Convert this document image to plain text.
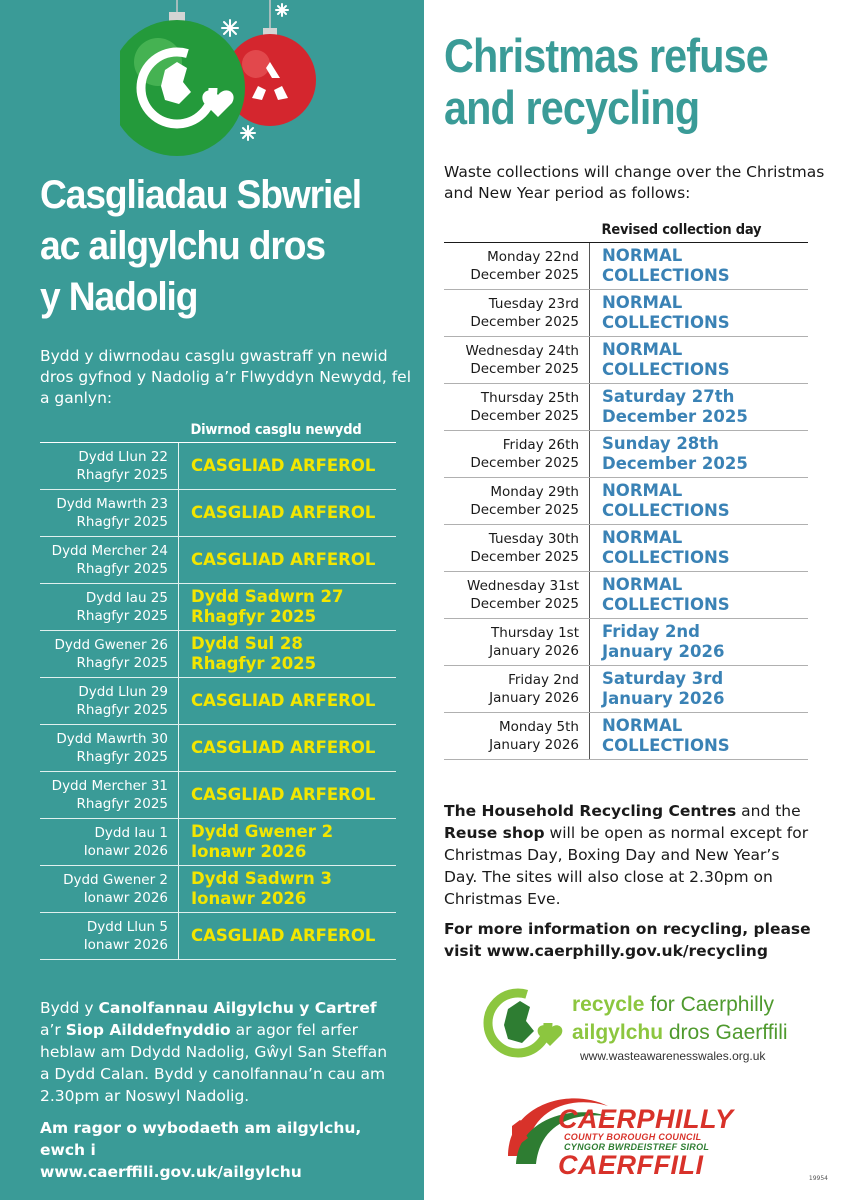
Casgliadau Sbwriel
ac ailgylchu dros
y Nadolig

Bydd y diwrnodau casglu gwastraff yn newid dros gyfnod y Nadolig a’r Flwyddyn Newydd, fel a ganlyn:

	Diwrnod casglu newydd
Dydd Llun 22
Rhagfyr 2025	CASGLIAD ARFEROL
Dydd Mawrth 23
Rhagfyr 2025	CASGLIAD ARFEROL
Dydd Mercher 24
Rhagfyr 2025	CASGLIAD ARFEROL
Dydd Iau 25
Rhagfyr 2025	Dydd Sadwrn 27
Rhagfyr 2025
Dydd Gwener 26
Rhagfyr 2025	Dydd Sul 28
Rhagfyr 2025
Dydd Llun 29
Rhagfyr 2025	CASGLIAD ARFEROL
Dydd Mawrth 30
Rhagfyr 2025	CASGLIAD ARFEROL
Dydd Mercher 31
Rhagfyr 2025	CASGLIAD ARFEROL
Dydd Iau 1
Ionawr 2026	Dydd Gwener 2
Ionawr 2026
Dydd Gwener 2
Ionawr 2026	Dydd Sadwrn 3
Ionawr 2026
Dydd Llun 5
Ionawr 2026	CASGLIAD ARFEROL

Bydd y Canolfannau Ailgylchu y Cartref a’r Siop Ailddefnyddio ar agor fel arfer heblaw am Ddydd Nadolig, Gŵyl San Steffan a Dydd Calan. Bydd y canolfannau’n cau am 2.30pm ar Noswyl Nadolig.

Am ragor o wybodaeth am ailgylchu, ewch i
www.caerffili.gov.uk/ailgylchu

Christmas refuse
and recycling

Waste collections will change over the Christmas and New Year period as follows:

	Revised collection day
Monday 22nd
December 2025	NORMAL COLLECTIONS
Tuesday 23rd
December 2025	NORMAL COLLECTIONS
Wednesday 24th
December 2025	NORMAL COLLECTIONS
Thursday 25th
December 2025	Saturday 27th
December 2025
Friday 26th
December 2025	Sunday 28th
December 2025
Monday 29th
December 2025	NORMAL COLLECTIONS
Tuesday 30th
December 2025	NORMAL COLLECTIONS
Wednesday 31st
December 2025	NORMAL COLLECTIONS
Thursday 1st
January 2026	Friday 2nd
January 2026
Friday 2nd
January 2026	Saturday 3rd
January 2026
Monday 5th
January 2026	NORMAL COLLECTIONS

The Household Recycling Centres and the Reuse shop will be open as normal except for Christmas Day, Boxing Day and New Year’s Day. The sites will also close at 2.30pm on Christmas Eve.

For more information on recycling, please
visit www.caerphilly.gov.uk/recycling

recycle for Caerphilly
ailgylchu dros Gaerffili
www.wasteawarenesswales.org.uk
CAERPHILLY
COUNTY BOROUGH COUNCIL
CYNGOR BWRDEISTREF SIROL
CAERFFILI	19954
